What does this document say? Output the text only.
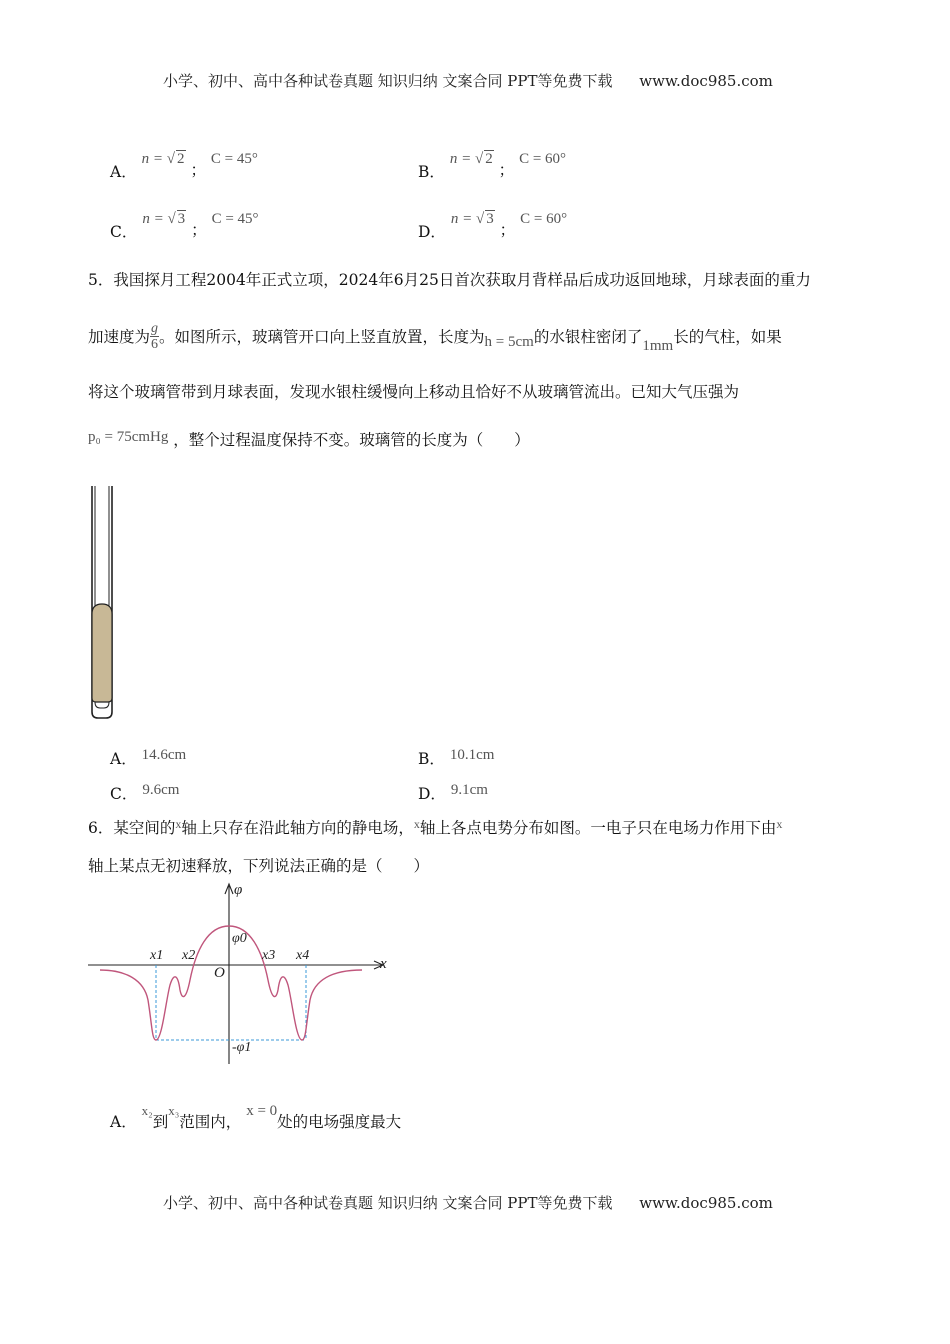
小学、初中、高中各种试卷真题 知识归纳 文案合同 PPT等免费下载 www.doc985.com
A． n = √ 2 ； C = 45°
B． n = √ 2 ； C = 60°
C． n = √ 3 ； C = 45°
D． n = √ 3 ； C = 60°
5．我国探月工程2004年正式立项，2024年6月25日首次获取月背样品后成功返回地球，月球表面的重力
加速度为 $\frac{g}{6}$ 。如图所示，玻璃管开口向上竖直放置，长度为 h = 5cm 的水银柱密闭了 1mm 长的气柱，如果
将这个玻璃管带到月球表面，发现水银柱缓慢向上移动且恰好不从玻璃管流出。已知大气压强为
p₀ = 75cmHg ，整个过程温度保持不变。玻璃管的长度为（　　）
A． 14.6cm	B． 10.1cm
C． 9.6cm	D． 9.1cm
6．某空间的$^x$轴上只存在沿此轴方向的静电场，$^x$轴上各点电势分布如图。一电子只在电场力作用下由$^x$
轴上某点无初速释放，下列说法正确的是（　　）
φ
x
O
φ0
-φ1
x1 x2	x3 x4
A． x₂到x₃范围内， x = 0处的电场强度最大
小学、初中、高中各种试卷真题 知识归纳 文案合同 PPT等免费下载 www.doc985.com
